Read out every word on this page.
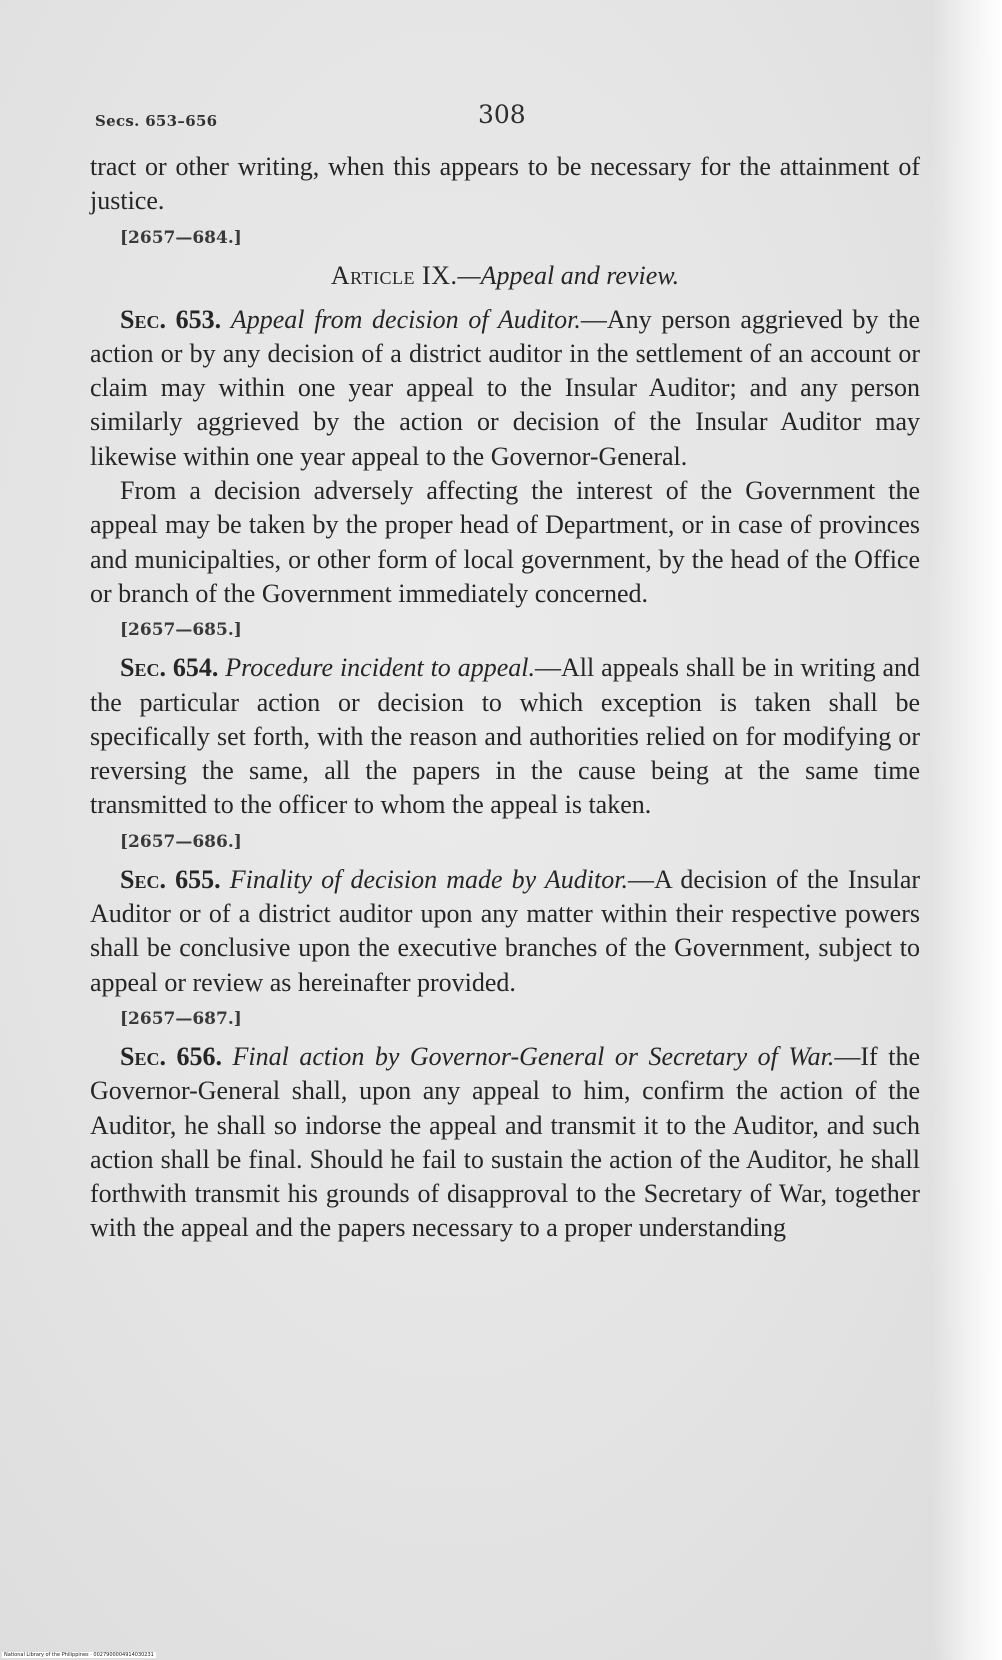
Secs. 653–656	308

tract or other writing, when this appears to be necessary for the attainment of justice.

[2657—684.]
Article IX.—Appeal and review.

Sec. 653. Appeal from decision of Auditor.—Any person aggrieved by the action or by any decision of a district auditor in the settlement of an account or claim may within one year appeal to the Insular Auditor; and any person similarly aggrieved by the action or decision of the Insular Auditor may likewise within one year appeal to the Governor-General.

From a decision adversely affecting the interest of the Government the appeal may be taken by the proper head of Department, or in case of provinces and municipalties, or other form of local government, by the head of the Office or branch of the Government immediately concerned.

[2657—685.]

Sec. 654. Procedure incident to appeal.—All appeals shall be in writing and the particular action or decision to which exception is taken shall be specifically set forth, with the reason and authorities relied on for modifying or reversing the same, all the papers in the cause being at the same time transmitted to the officer to whom the appeal is taken.

[2657—686.]

Sec. 655. Finality of decision made by Auditor.—A decision of the Insular Auditor or of a district auditor upon any matter within their respective powers shall be conclusive upon the executive branches of the Government, subject to appeal or review as hereinafter provided.

[2657—687.]

Sec. 656. Final action by Governor-General or Secretary of War.—If the Governor-General shall, upon any appeal to him, confirm the action of the Auditor, he shall so indorse the appeal and transmit it to the Auditor, and such action shall be final. Should he fail to sustain the action of the Auditor, he shall forthwith transmit his grounds of disapproval to the Secretary of War, together with the appeal and the papers necessary to a proper understanding

National Library of the Philippines · 0027900004914030231
